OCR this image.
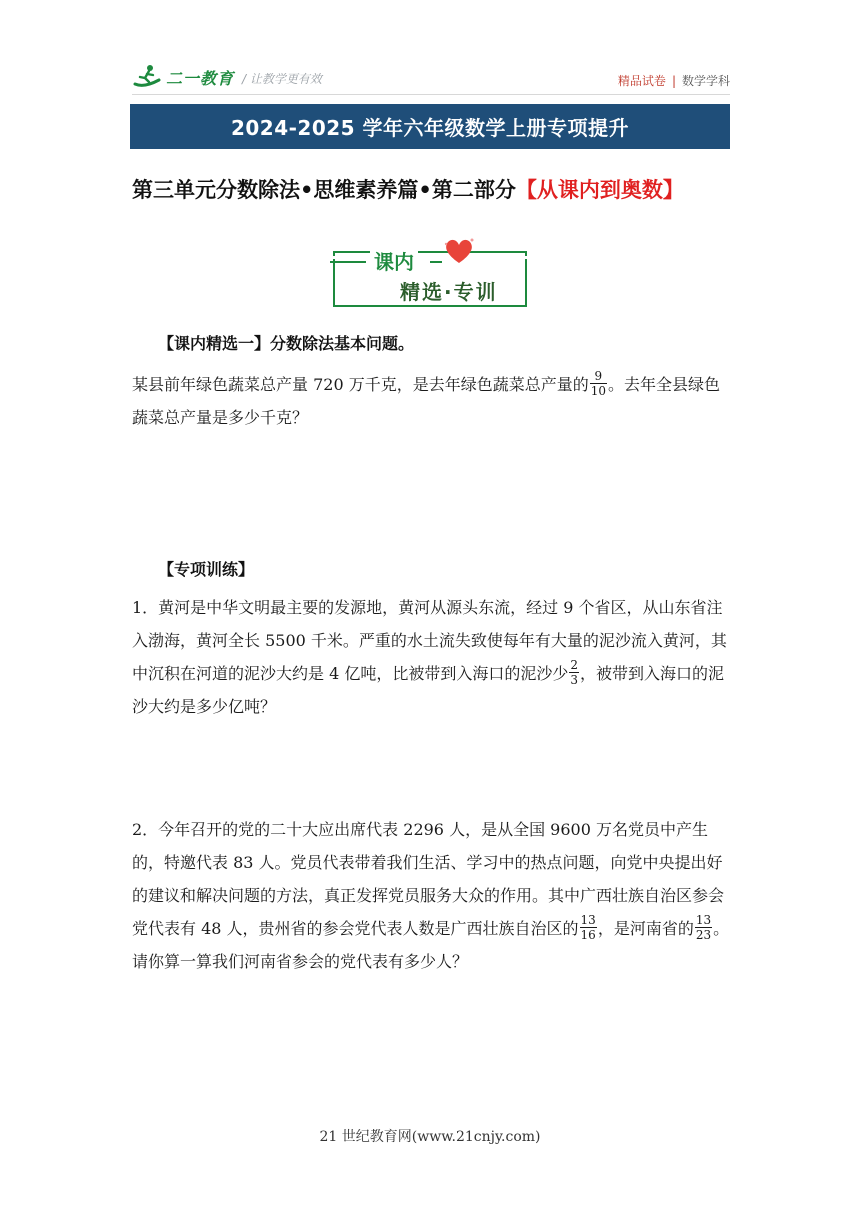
二一教育 / 让教学更有效	精品试卷 | 数学学科
2024-2025 学年六年级数学上册专项提升
第三单元分数除法•思维素养篇•第二部分【从课内到奥数】
课内
精选·专训
【课内精选一】分数除法基本问题。
某县前年绿色蔬菜总产量 720 万千克，是去年绿色蔬菜总产量的 $\frac{9}{10}$ 。去年全县绿色蔬菜总产量是多少千克？
【专项训练】
1．黄河是中华文明最主要的发源地，黄河从源头东流，经过 9 个省区，从山东省注入渤海，黄河全长 5500 千米。严重的水土流失致使每年有大量的泥沙流入黄河，其中沉积在河道的泥沙大约是 4 亿吨，比被带到入海口的泥沙少 $\frac{2}{3}$ ，被带到入海口的泥沙大约是多少亿吨？
2．今年召开的党的二十大应出席代表 2296 人，是从全国 9600 万名党员中产生的，特邀代表 83 人。党员代表带着我们生活、学习中的热点问题，向党中央提出好的建议和解决问题的方法，真正发挥党员服务大众的作用。其中广西壮族自治区参会党代表有 48 人，贵州省的参会党代表人数是广西壮族自治区的 $\frac{13}{16}$ ，是河南省的 $\frac{13}{23}$ 。请你算一算我们河南省参会的党代表有多少人？
21 世纪教育网(www.21cnjy.com)
